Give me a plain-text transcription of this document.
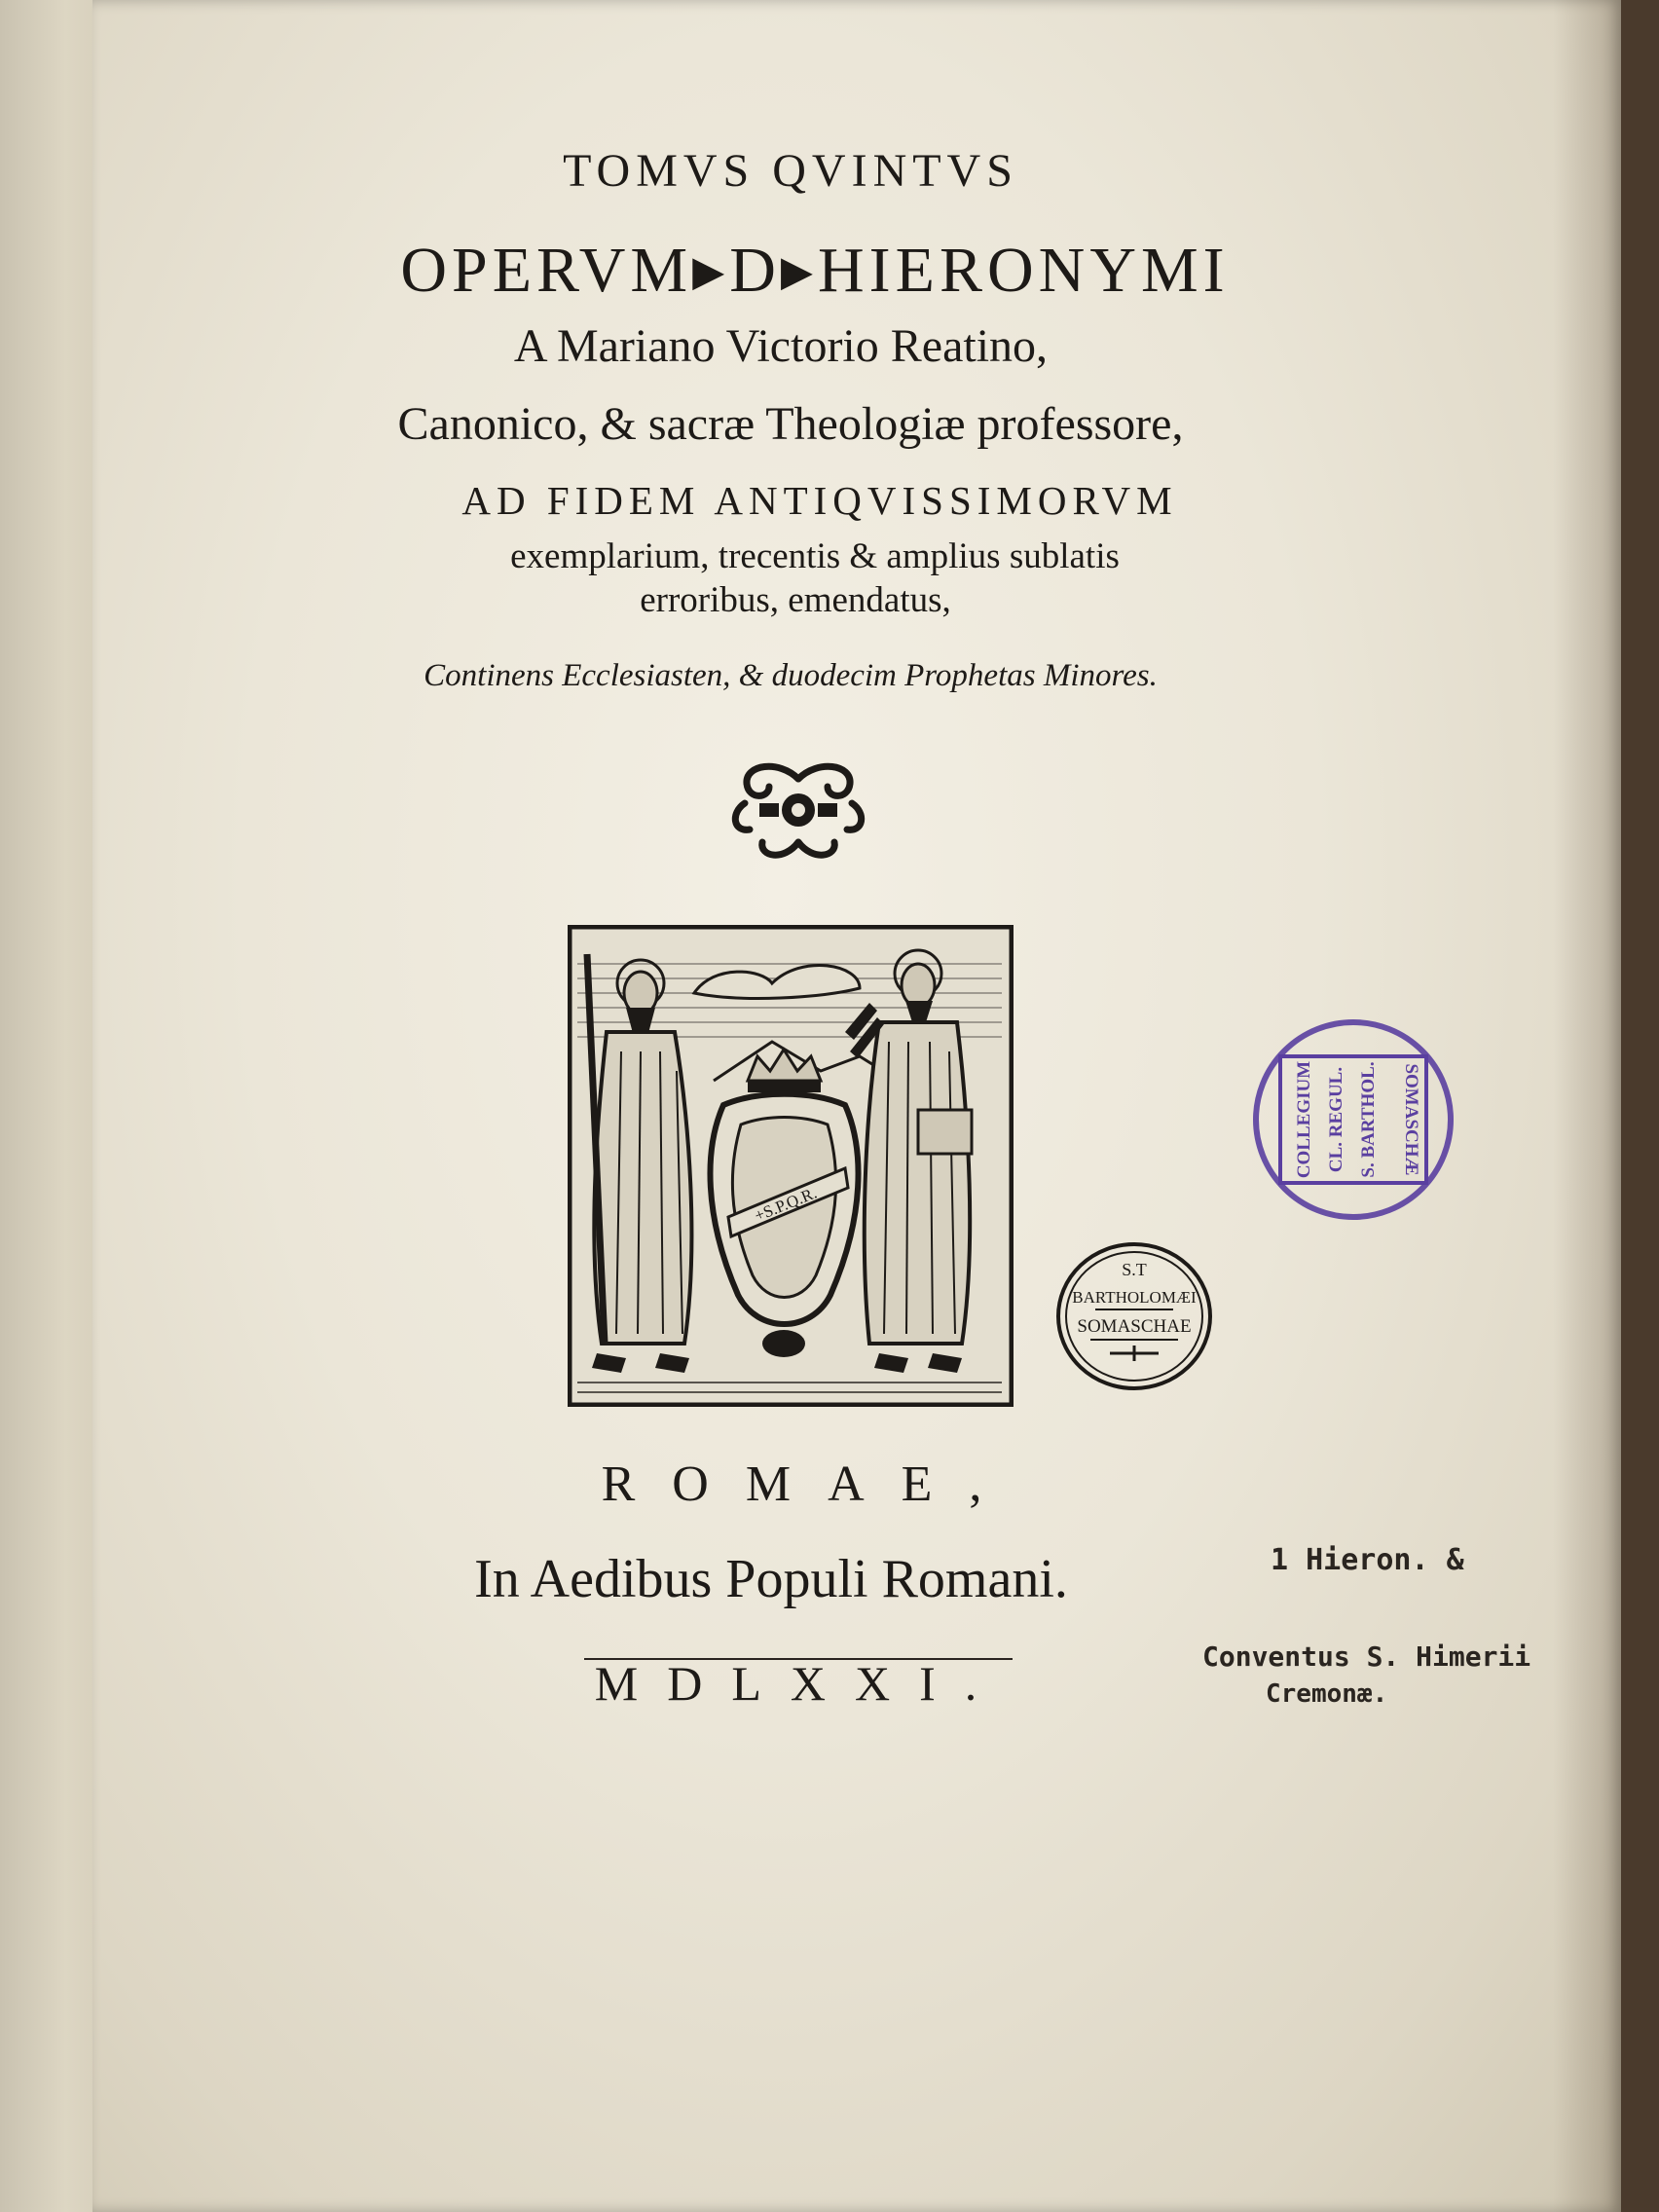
TOMVS QVINTVS
OPERVM▸D▸HIERONYMI
A Mariano Victorio Reatino,
Canonico, & sacræ Theologiæ professore,
AD FIDEM ANTIQVISSIMORVM
exemplarium, trecentis & amplius sublatis
erroribus, emendatus,
Continens Ecclesiasten, & duodecim Prophetas Minores.
+S.P.Q.R.
COLLEGIUM CL. REGUL. S. BARTHOL. SOMASCHÆ
S.T
BARTHOLOMÆI
SOMASCHAE
ROMAE,
In Aedibus Populi Romani.
MDLXXI.
1 Hieron. &
Conventus S. Himerii
Cremonæ.
